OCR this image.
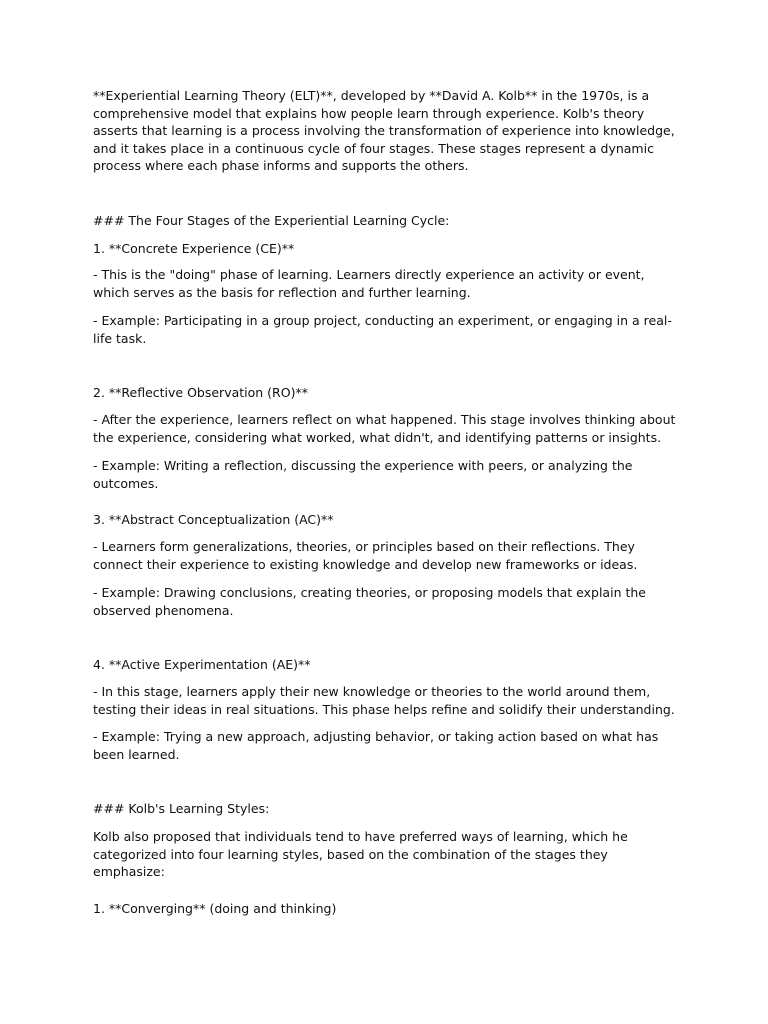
**Experiential Learning Theory (ELT)**, developed by **David A. Kolb** in the 1970s, is a comprehensive model that explains how people learn through experience. Kolb's theory asserts that learning is a process involving the transformation of experience into knowledge, and it takes place in a continuous cycle of four stages. These stages represent a dynamic process where each phase informs and supports the others.

### The Four Stages of the Experiential Learning Cycle:

1. **Concrete Experience (CE)**

- This is the "doing" phase of learning. Learners directly experience an activity or event, which serves as the basis for reflection and further learning.

- Example: Participating in a group project, conducting an experiment, or engaging in a real-life task.

2. **Reflective Observation (RO)**

- After the experience, learners reflect on what happened. This stage involves thinking about the experience, considering what worked, what didn't, and identifying patterns or insights.

- Example: Writing a reflection, discussing the experience with peers, or analyzing the outcomes.

3. **Abstract Conceptualization (AC)**

- Learners form generalizations, theories, or principles based on their reflections. They connect their experience to existing knowledge and develop new frameworks or ideas.

- Example: Drawing conclusions, creating theories, or proposing models that explain the observed phenomena.

4. **Active Experimentation (AE)**

- In this stage, learners apply their new knowledge or theories to the world around them, testing their ideas in real situations. This phase helps refine and solidify their understanding.

- Example: Trying a new approach, adjusting behavior, or taking action based on what has been learned.

### Kolb's Learning Styles:

Kolb also proposed that individuals tend to have preferred ways of learning, which he categorized into four learning styles, based on the combination of the stages they emphasize:

1. **Converging** (doing and thinking)
